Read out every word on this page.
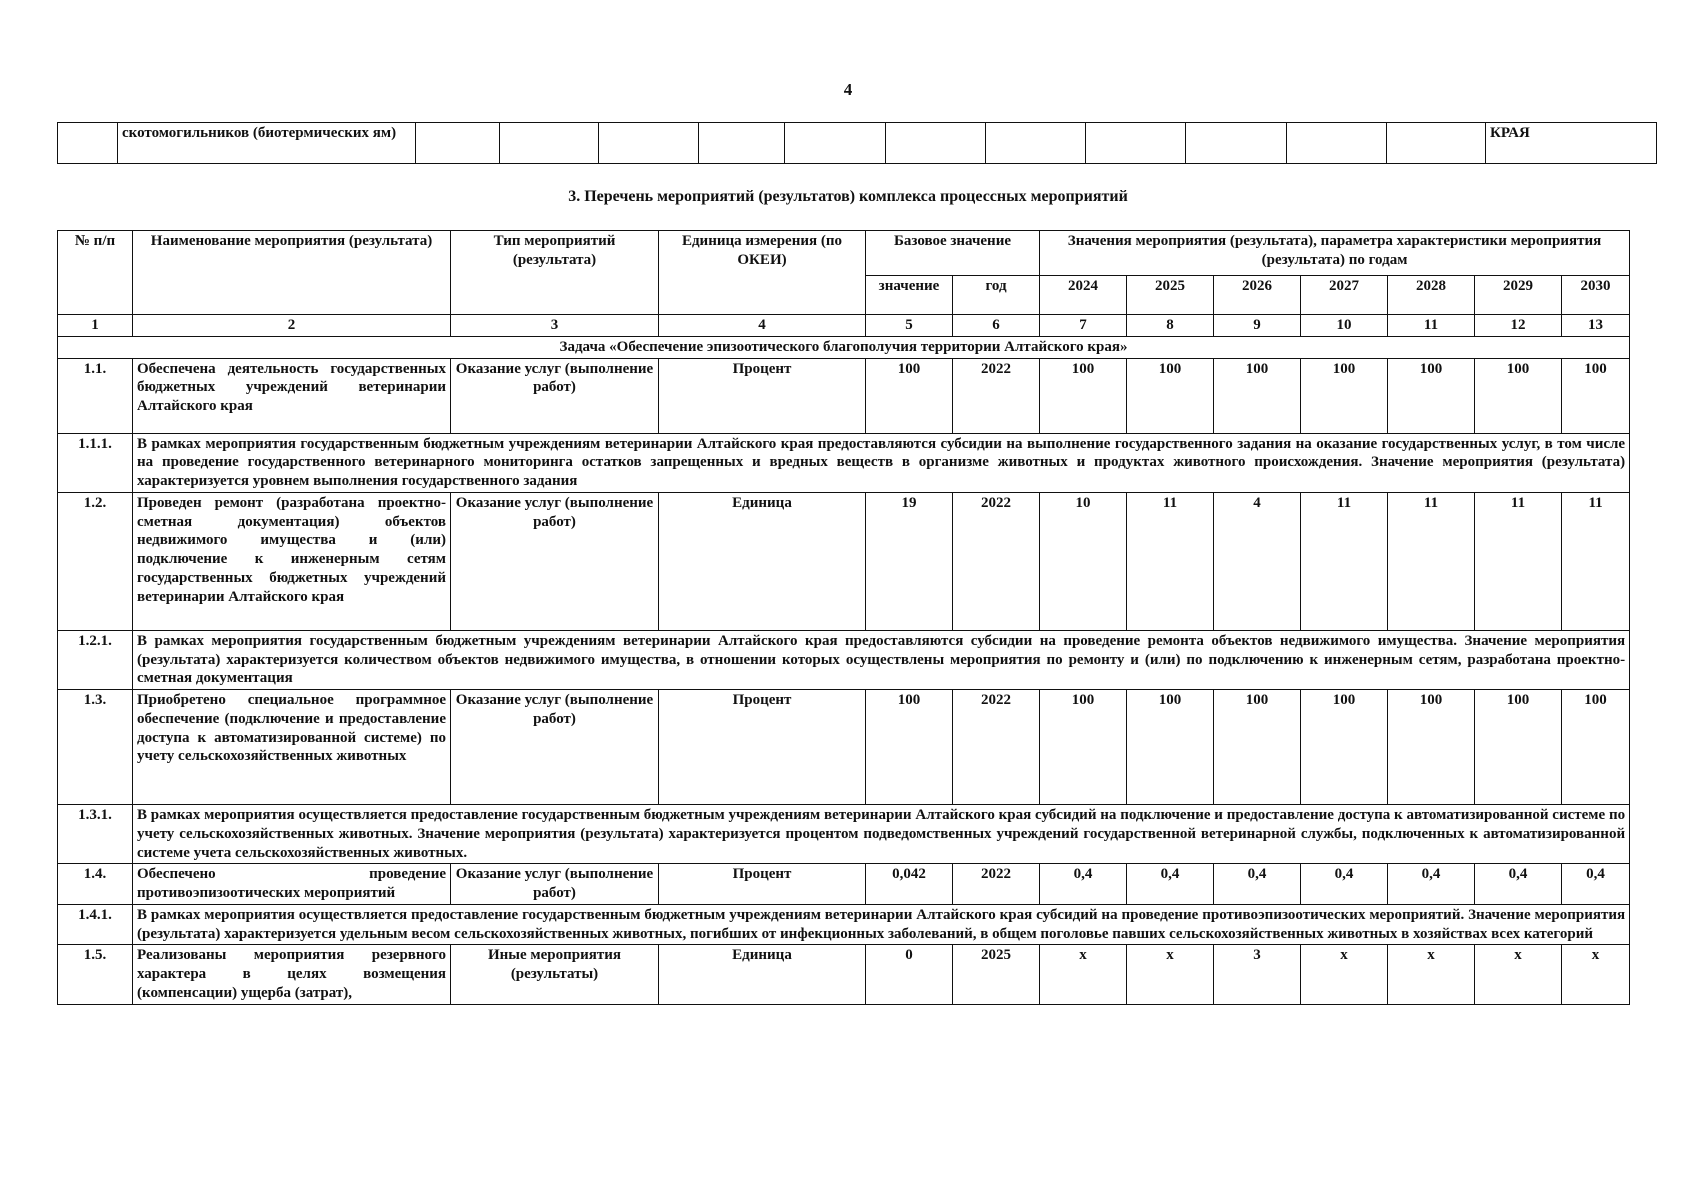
4
	скотомогильников (биотермических ям)												КРАЯ
3. Перечень мероприятий (результатов) комплекса процессных мероприятий
№ п/п	Наименование мероприятия (результата)	Тип мероприятий (результата)	Единица измерения (по ОКЕИ)	Базовое значение		Значения мероприятия (результата), параметра характеристики мероприятия (результата) по годам						
				значение	год	2024	2025	2026	2027	2028	2029	2030
1	2	3	4	5	6	7	8	9	10	11	12	13
Задача «Обеспечение эпизоотического благополучия территории Алтайского края»												
1.1.	Обеспечена деятельность государственных бюджетных учреждений ветеринарии Алтайского края	Оказание услуг (выполнение работ)	Процент	100	2022	100	100	100	100	100	100	100
1.1.1.	В рамках мероприятия государственным бюджетным учреждениям ветеринарии Алтайского края предоставляются субсидии на выполнение государственного задания на оказание государственных услуг, в том числе на проведение государственного ветеринарного мониторинга остатков запрещенных и вредных веществ в организме животных и продуктах животного происхождения. Значение мероприятия (результата) характеризуется уровнем выполнения государственного задания											
1.2.	Проведен ремонт (разработана проектно-сметная документация) объектов недвижимого имущества и (или) подключение к инженерным сетям государственных бюджетных учреждений ветеринарии Алтайского края	Оказание услуг (выполнение работ)	Единица	19	2022	10	11	4	11	11	11	11
1.2.1.	В рамках мероприятия государственным бюджетным учреждениям ветеринарии Алтайского края предоставляются субсидии на проведение ремонта объектов недвижимого имущества. Значение мероприятия (результата) характеризуется количеством объектов недвижимого имущества, в отношении которых осуществлены мероприятия по ремонту и (или) по подключению к инженерным сетям, разработана проектно-сметная документация											
1.3.	Приобретено специальное программное обеспечение (подключение и предоставление доступа к автоматизированной системе) по учету сельскохозяйственных животных	Оказание услуг (выполнение работ)	Процент	100	2022	100	100	100	100	100	100	100
1.3.1.	В рамках мероприятия осуществляется предоставление государственным бюджетным учреждениям ветеринарии Алтайского края субсидий на подключение и предоставление доступа к автоматизированной системе по учету сельскохозяйственных животных. Значение мероприятия (результата) характеризуется процентом подведомственных учреждений государственной ветеринарной службы, подключенных к автоматизированной системе учета сельскохозяйственных животных.											
1.4.	Обеспечено проведение противоэпизоотических мероприятий	Оказание услуг (выполнение работ)	Процент	0,042	2022	0,4	0,4	0,4	0,4	0,4	0,4	0,4
1.4.1.	В рамках мероприятия осуществляется предоставление государственным бюджетным учреждениям ветеринарии Алтайского края субсидий на проведение противоэпизоотических мероприятий. Значение мероприятия (результата) характеризуется удельным весом сельскохозяйственных животных, погибших от инфекционных заболеваний, в общем поголовье павших сельскохозяйственных животных в хозяйствах всех категорий											
1.5.	Реализованы мероприятия резервного характера в целях возмещения (компенсации) ущерба (затрат),	Иные мероприятия (результаты)	Единица	0	2025	x	x	3	x	x	x	x
